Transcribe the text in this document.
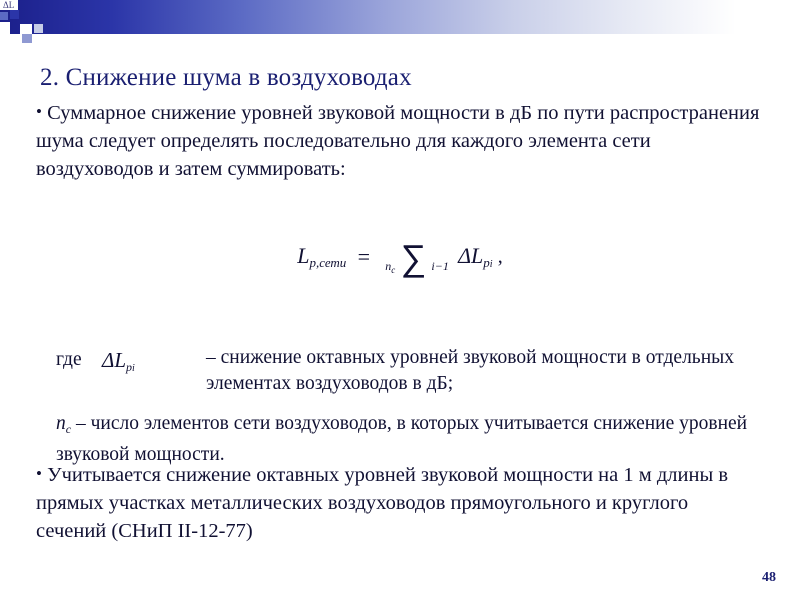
ΔL
2. Снижение шума в воздуховодах
• Суммарное снижение уровней звуковой мощности в дБ по пути распространения шума следует определять последовательно для каждого элемента сети воздуховодов и затем суммировать:
$L_{p,сети} = n_c$ ∑ i−1 $\Delta L_{pi}$ ,
где $\Delta L_{pi}$
– снижение октавных уровней звуковой мощности в отдельных элементах воздуховодов в дБ;
$n_c$ – число элементов сети воздуховодов, в которых учитывается снижение уровней звуковой мощности.
• Учитывается снижение октавных уровней звуковой мощности на 1 м длины в прямых участках металлических воздуховодов прямоугольного и круглого сечений (СНиП II-12-77)
48
